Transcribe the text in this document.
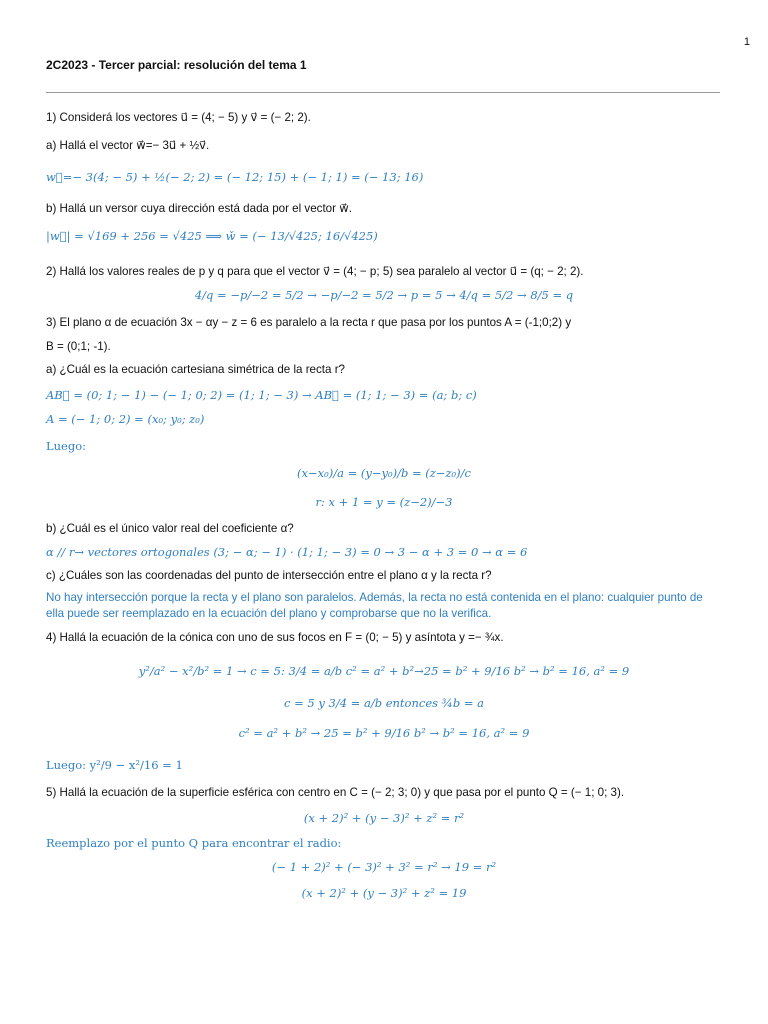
1
2C2023 - Tercer parcial: resolución del tema 1
1) Considerá los vectores u⃗ = (4; − 5) y v⃗ = (− 2; 2).
a) Hallá el vector w⃗=− 3u⃗ + ½v⃗.
w⃗=− 3(4; − 5) + ½(− 2; 2) = (− 12; 15) + (− 1; 1) = (− 13; 16)
b) Hallá un versor cuya dirección está dada por el vector w⃗.
|w⃗| = √169 + 256 = √425 ⟹ w̌ = (− 13/√425; 16/√425)
2) Hallá los valores reales de p y q para que el vector v⃗ = (4; − p; 5) sea paralelo al vector u⃗ = (q; − 2; 2).
4/q = −p/−2 = 5/2 → −p/−2 = 5/2 → p = 5 → 4/q = 5/2 → 8/5 = q
3) El plano α de ecuación 3x − αy − z = 6 es paralelo a la recta r que pasa por los puntos A = (-1;0;2) y
B = (0;1; -1).
a) ¿Cuál es la ecuación cartesiana simétrica de la recta r?
AB⃗ = (0; 1; − 1) − (− 1; 0; 2) = (1; 1; − 3) → AB⃗ = (1; 1; − 3) = (a; b; c)
A = (− 1; 0; 2) = (x₀; y₀; z₀)
Luego:
(x−x₀)/a = (y−y₀)/b = (z−z₀)/c
r: x + 1 = y = (z−2)/−3
b) ¿Cuál es el único valor real del coeficiente α?
α // r→ vectores ortogonales (3; − α; − 1) · (1; 1; − 3) = 0 → 3 − α + 3 = 0 → α = 6
c) ¿Cuáles son las coordenadas del punto de intersección entre el plano α y la recta r?
No hay intersección porque la recta y el plano son paralelos. Además, la recta no está contenida en el plano: cualquier punto de ella puede ser reemplazado en la ecuación del plano y comprobarse que no la verifica.
4) Hallá la ecuación de la cónica con uno de sus focos en F = (0; − 5) y asíntota y =− ¾x.
y²/a² − x²/b² = 1 → c = 5: 3/4 = a/b c² = a² + b²→25 = b² + 9/16 b² → b² = 16, a² = 9
c = 5 y 3/4 = a/b entonces ¾b = a
c² = a² + b² → 25 = b² + 9/16 b² → b² = 16, a² = 9
Luego: y²/9 − x²/16 = 1
5) Hallá la ecuación de la superficie esférica con centro en C = (− 2; 3; 0) y que pasa por el punto Q = (− 1; 0; 3).
(x + 2)² + (y − 3)² + z² = r²
Reemplazo por el punto Q para encontrar el radio:
(− 1 + 2)² + (− 3)² + 3² = r² → 19 = r²
(x + 2)² + (y − 3)² + z² = 19
